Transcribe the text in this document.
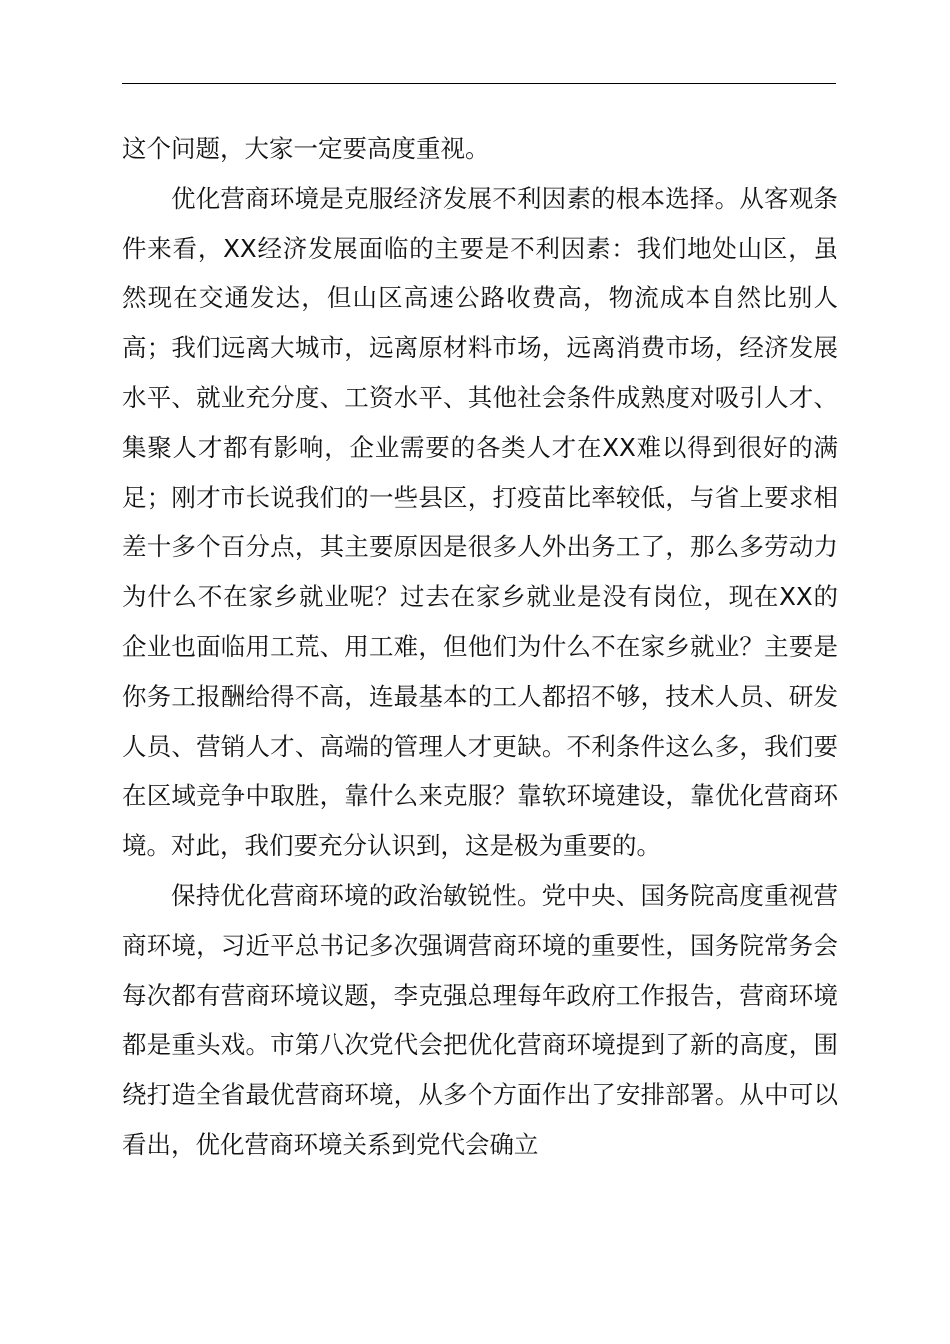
这个问题，大家一定要高度重视。

优化营商环境是克服经济发展不利因素的根本选择。从客观条件来看，XX经济发展面临的主要是不利因素：我们地处山区，虽然现在交通发达，但山区高速公路收费高，物流成本自然比别人高；我们远离大城市，远离原材料市场，远离消费市场，经济发展水平、就业充分度、工资水平、其他社会条件成熟度对吸引人才、集聚人才都有影响，企业需要的各类人才在XX难以得到很好的满足；刚才市长说我们的一些县区，打疫苗比率较低，与省上要求相差十多个百分点，其主要原因是很多人外出务工了，那么多劳动力为什么不在家乡就业呢？过去在家乡就业是没有岗位，现在XX的企业也面临用工荒、用工难，但他们为什么不在家乡就业？主要是你务工报酬给得不高，连最基本的工人都招不够，技术人员、研发人员、营销人才、高端的管理人才更缺。不利条件这么多，我们要在区域竞争中取胜，靠什么来克服？靠软环境建设，靠优化营商环境。对此，我们要充分认识到，这是极为重要的。

保持优化营商环境的政治敏锐性。党中央、国务院高度重视营商环境，习近平总书记多次强调营商环境的重要性，国务院常务会每次都有营商环境议题，李克强总理每年政府工作报告，营商环境都是重头戏。市第八次党代会把优化营商环境提到了新的高度，围绕打造全省最优营商环境，从多个方面作出了安排部署。从中可以看出，优化营商环境关系到党代会确立
